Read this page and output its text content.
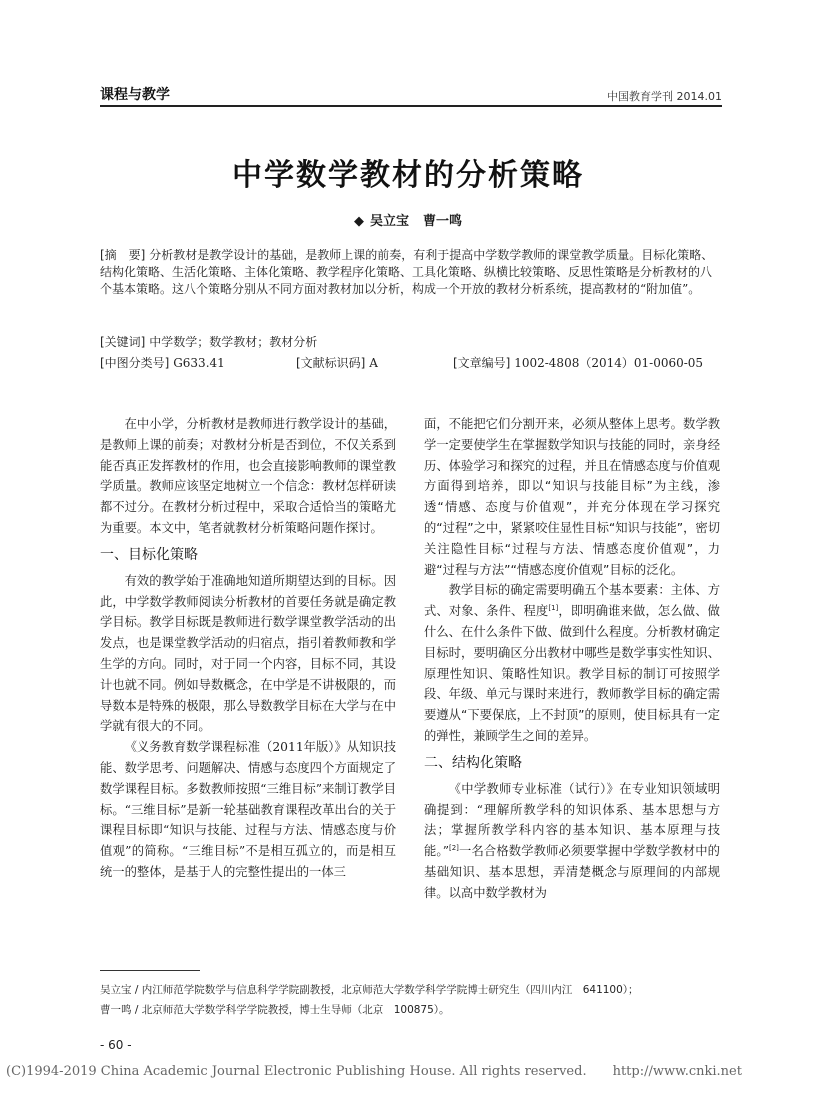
课程与教学	中国教育学刊 2014.01
中学数学教材的分析策略
◆ 吴立宝 曹一鸣
[摘　要] 分析教材是教学设计的基础，是教师上课的前奏，有利于提高中学数学教师的课堂教学质量。目标化策略、结构化策略、生活化策略、主体化策略、教学程序化策略、工具化策略、纵横比较策略、反思性策略是分析教材的八个基本策略。这八个策略分别从不同方面对教材加以分析，构成一个开放的教材分析系统，提高教材的“附加值”。
[关键词] 中学数学；数学教材；教材分析
[中图分类号] G633.41	[文献标识码] A	[文章编号] 1002-4808（2014）01-0060-05

在中小学，分析教材是教师进行教学设计的基础，是教师上课的前奏；对教材分析是否到位，不仅关系到能否真正发挥教材的作用，也会直接影响教师的课堂教学质量。教师应该坚定地树立一个信念：教材怎样研读都不过分。在教材分析过程中，采取合适恰当的策略尤为重要。本文中，笔者就教材分析策略问题作探讨。

一、目标化策略

有效的教学始于准确地知道所期望达到的目标。因此，中学数学教师阅读分析教材的首要任务就是确定教学目标。教学目标既是教师进行数学课堂教学活动的出发点，也是课堂教学活动的归宿点，指引着教师教和学生学的方向。同时，对于同一个内容，目标不同，其设计也就不同。例如导数概念，在中学是不讲极限的，而导数本是特殊的极限，那么导数教学目标在大学与在中学就有很大的不同。

《义务教育数学课程标准（2011年版）》从知识技能、数学思考、问题解决、情感与态度四个方面规定了数学课程目标。多数教师按照“三维目标”来制订教学目标。“三维目标”是新一轮基础教育课程改革出台的关于课程目标即“知识与技能、过程与方法、情感态度与价值观”的简称。“三维目标”不是相互孤立的，而是相互统一的整体，是基于人的完整性提出的一体三

面，不能把它们分割开来，必须从整体上思考。数学教学一定要使学生在掌握数学知识与技能的同时，亲身经历、体验学习和探究的过程，并且在情感态度与价值观方面得到培养，即以“知识与技能目标”为主线，渗透“情感、态度与价值观”，并充分体现在学习探究的“过程”之中，紧紧咬住显性目标“知识与技能”，密切关注隐性目标“过程与方法、情感态度价值观”，力避“过程与方法”“情感态度价值观”目标的泛化。

教学目标的确定需要明确五个基本要素：主体、方式、对象、条件、程度[1]，即明确谁来做，怎么做、做什么、在什么条件下做、做到什么程度。分析教材确定目标时，要明确区分出教材中哪些是数学事实性知识、原理性知识、策略性知识。教学目标的制订可按照学段、年级、单元与课时来进行，教师教学目标的确定需要遵从“下要保底，上不封顶”的原则，使目标具有一定的弹性，兼顾学生之间的差异。

二、结构化策略

《中学教师专业标准（试行）》在专业知识领域明确提到：“理解所教学科的知识体系、基本思想与方法；掌握所教学科内容的基本知识、基本原理与技能。”[2]一名合格数学教师必须要掌握中学数学教材中的基础知识、基本思想，弄清楚概念与原理间的内部规律。以高中数学教材为

吴立宝 / 内江师范学院数学与信息科学学院副教授，北京师范大学数学科学学院博士研究生（四川内江　641100）；
曹一鸣 / 北京师范大学数学科学学院教授，博士生导师（北京　100875）。
- 60 -
(C)1994-2019 China Academic Journal Electronic Publishing House. All rights reserved.　　http://www.cnki.net
